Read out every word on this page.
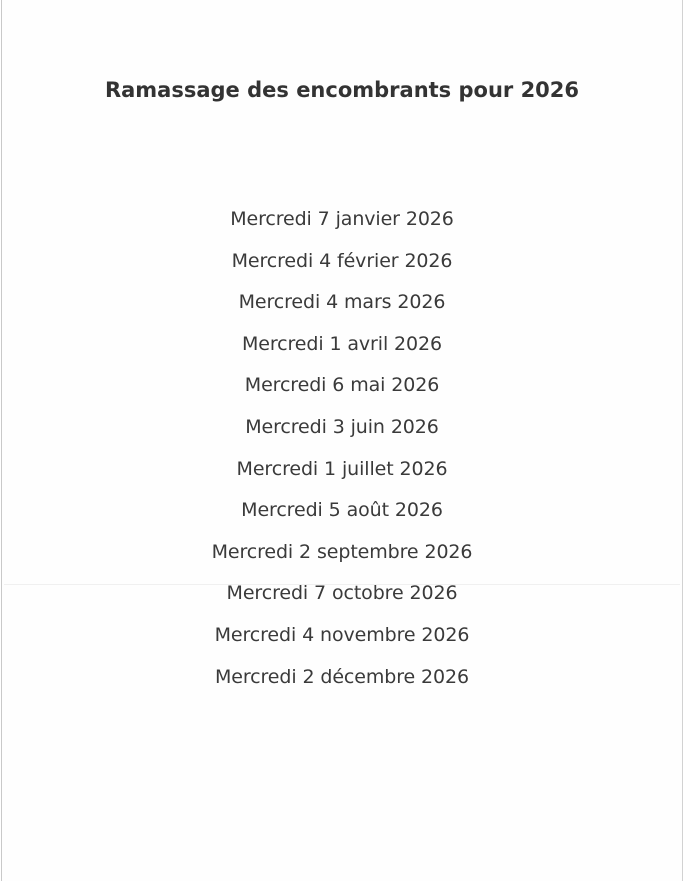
Ramassage des encombrants pour 2026
Mercredi 7 janvier 2026
Mercredi 4 février 2026
Mercredi 4 mars 2026
Mercredi 1 avril 2026
Mercredi 6 mai 2026
Mercredi 3 juin 2026
Mercredi 1 juillet 2026
Mercredi 5 août 2026
Mercredi 2 septembre 2026
Mercredi 7 octobre 2026
Mercredi 4 novembre 2026
Mercredi 2 décembre 2026
